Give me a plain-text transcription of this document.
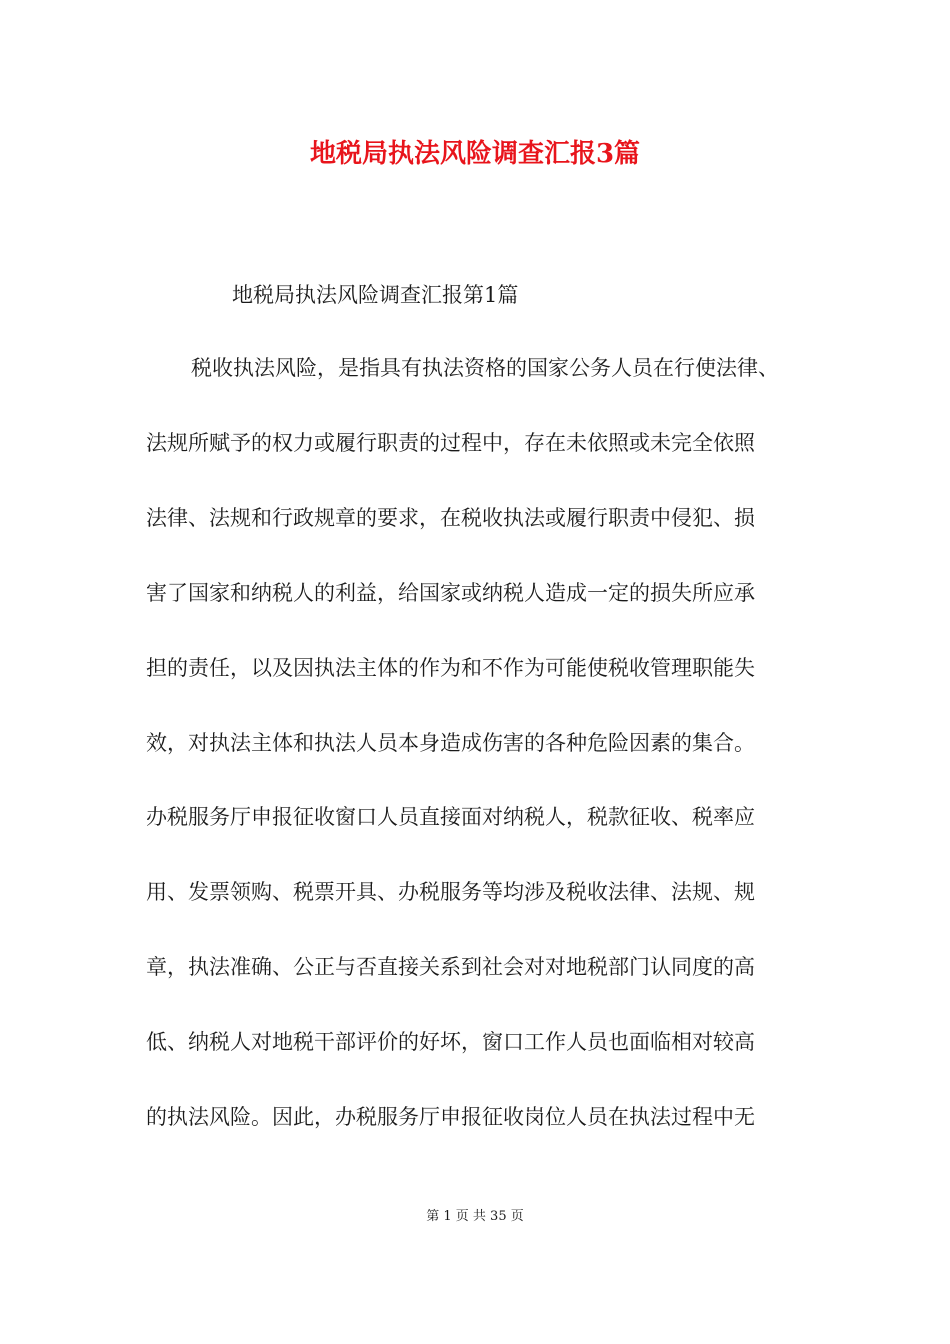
地税局执法风险调查汇报3篇
地税局执法风险调查汇报第1篇
税收执法风险，是指具有执法资格的国家公务人员在行使法律、
法规所赋予的权力或履行职责的过程中，存在未依照或未完全依照
法律、法规和行政规章的要求，在税收执法或履行职责中侵犯、损
害了国家和纳税人的利益，给国家或纳税人造成一定的损失所应承
担的责任，以及因执法主体的作为和不作为可能使税收管理职能失
效，对执法主体和执法人员本身造成伤害的各种危险因素的集合。
办税服务厅申报征收窗口人员直接面对纳税人，税款征收、税率应
用、发票领购、税票开具、办税服务等均涉及税收法律、法规、规
章，执法准确、公正与否直接关系到社会对对地税部门认同度的高
低、纳税人对地税干部评价的好坏，窗口工作人员也面临相对较高
的执法风险。因此，办税服务厅申报征收岗位人员在执法过程中无
第 1 页 共 35 页
